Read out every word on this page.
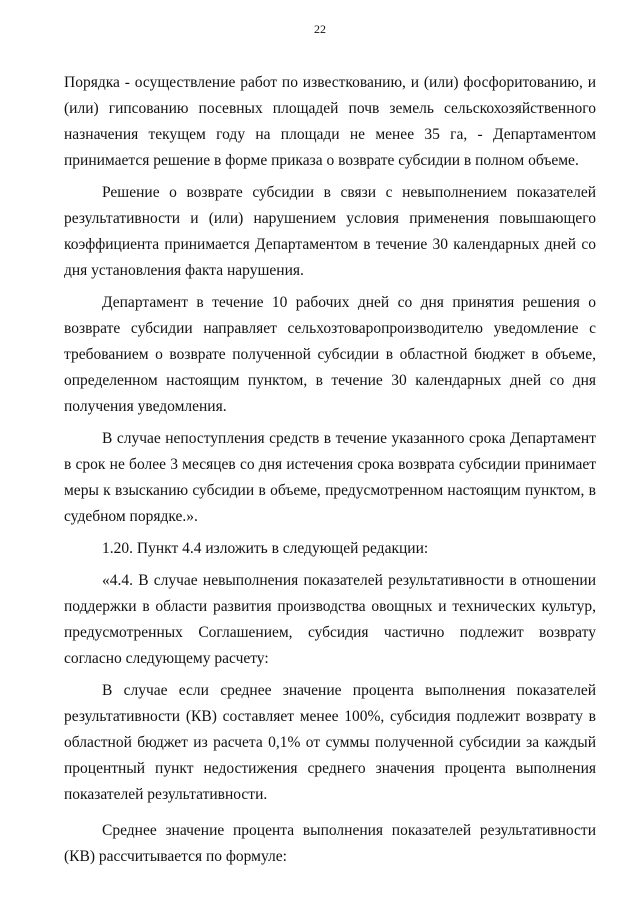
22

Порядка - осуществление работ по известкованию, и (или) фосфоритованию, и (или) гипсованию посевных площадей почв земель сельскохозяйственного назначения текущем году на площади не менее 35 га, - Департаментом принимается решение в форме приказа о возврате субсидии в полном объеме.

Решение о возврате субсидии в связи с невыполнением показателей результативности и (или) нарушением условия применения повышающего коэффициента принимается Департаментом в течение 30 календарных дней со дня установления факта нарушения.

Департамент в течение 10 рабочих дней со дня принятия решения о возврате субсидии направляет сельхозтоваропроизводителю уведомление с требованием о возврате полученной субсидии в областной бюджет в объеме, определенном настоящим пунктом, в течение 30 календарных дней со дня получения уведомления.

В случае непоступления средств в течение указанного срока Департамент в срок не более 3 месяцев со дня истечения срока возврата субсидии принимает меры к взысканию субсидии в объеме, предусмотренном настоящим пунктом, в судебном порядке.».

1.20. Пункт 4.4 изложить в следующей редакции:

«4.4. В случае невыполнения показателей результативности в отношении поддержки в области развития производства овощных и технических культур, предусмотренных Соглашением, субсидия частично подлежит возврату согласно следующему расчету:

В случае если среднее значение процента выполнения показателей результативности (КВ) составляет менее 100%, субсидия подлежит возврату в областной бюджет из расчета 0,1% от суммы полученной субсидии за каждый процентный пункт недостижения среднего значения процента выполнения показателей результативности.

Среднее значение процента выполнения показателей результативности (КВ) рассчитывается по формуле:
